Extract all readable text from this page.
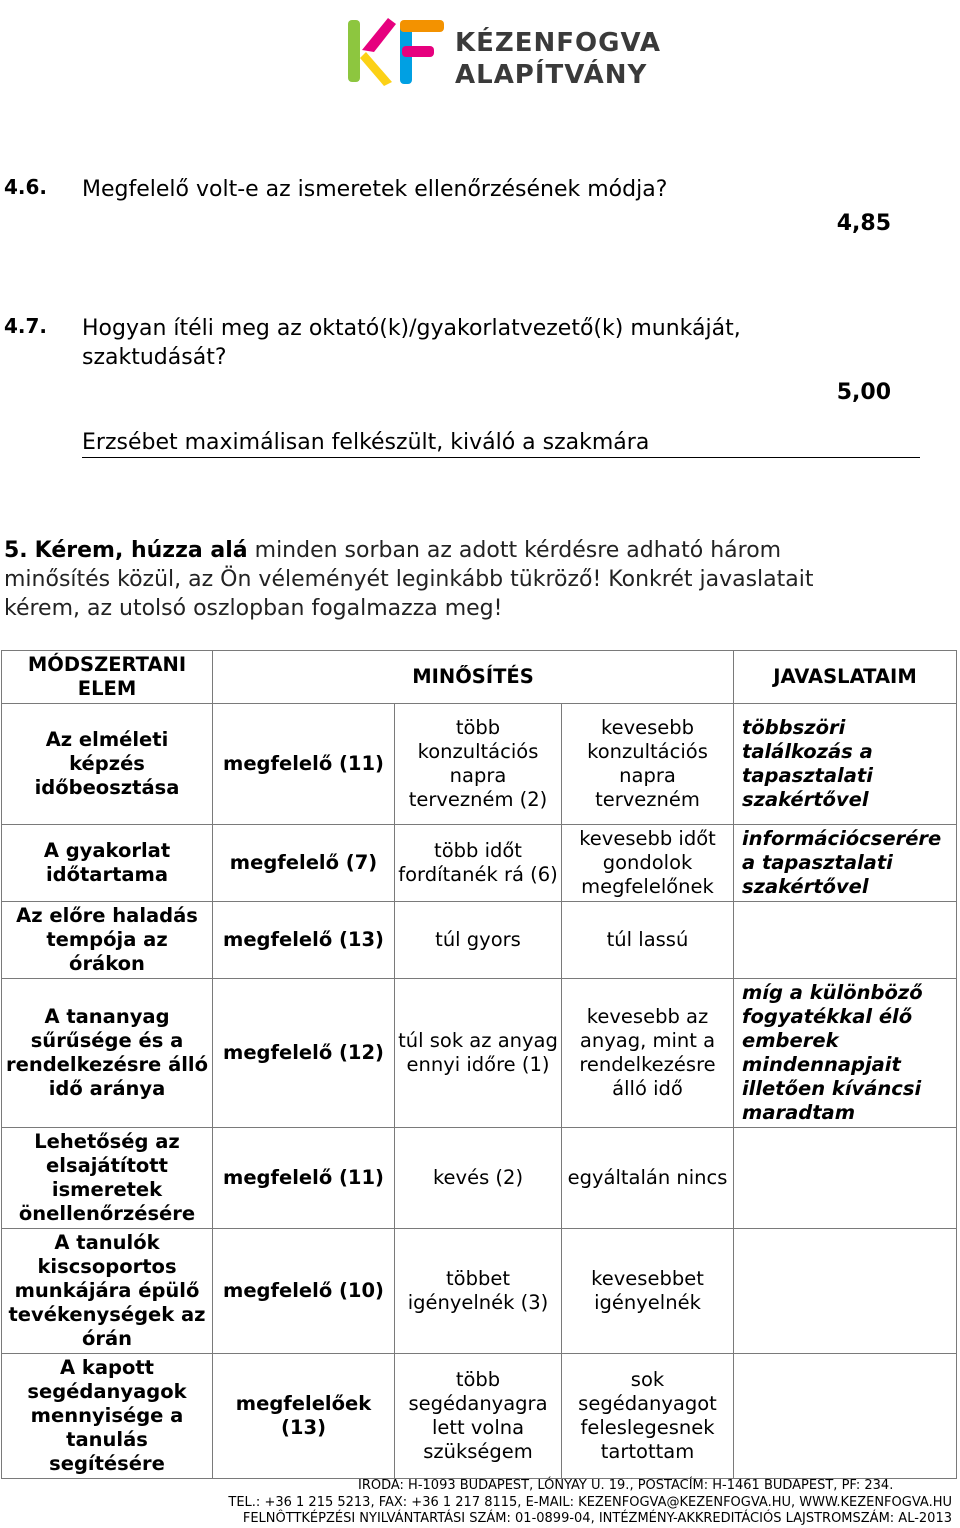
KÉZENFOGVA
ALAPÍTVÁNY
4.6. Megfelelő volt-e az ismeretek ellenőrzésének módja?
4,85
4.7. Hogyan ítéli meg az oktató(k)/gyakorlatvezető(k) munkáját,
szaktudását?
5,00
Erzsébet maximálisan felkészült, kiváló a szakmára
5. Kérem, húzza alá minden sorban az adott kérdésre adható három
minősítés közül, az Ön véleményét leginkább tükröző! Konkrét javaslatait
kérem, az utolsó oszlopban fogalmazza meg!
MÓDSZERTANI ELEM	MINŐSÍTÉS			JAVASLATAIM
Az elméleti képzés időbeosztása	megfelelő (11)	több konzultációs napra tervezném (2)	kevesebb konzultációs napra tervezném	többszöri találkozás a tapasztalati szakértővel
A gyakorlat időtartama	megfelelő (7)	több időt fordítanék rá (6)	kevesebb időt gondolok megfelelőnek	információcserére a tapasztalati szakértővel
Az előre haladás tempója az órákon	megfelelő (13)	túl gyors	túl lassú	
A tananyag sűrűsége és a rendelkezésre álló idő aránya	megfelelő (12)	túl sok az anyag ennyi időre (1)	kevesebb az anyag, mint a rendelkezésre álló idő	míg a különböző fogyatékkal élő emberek mindennapjait illetően kíváncsi maradtam
Lehetőség az elsajátított ismeretek önellenőrzésére	megfelelő (11)	kevés (2)	egyáltalán nincs	
A tanulók kiscsoportos munkájára épülő tevékenységek az órán	megfelelő (10)	többet igényelnék (3)	kevesebbet igényelnék	
A kapott segédanyagok mennyisége a tanulás segítésére	megfelelőek (13)	több segédanyagra lett volna szükségem	sok segédanyagot feleslegesnek tartottam	
IRODA: H-1093 BUDAPEST, LÓNYAY U. 19., POSTACÍM: H-1461 BUDAPEST, PF: 234.
TEL.: +36 1 215 5213, FAX: +36 1 217 8115, E-MAIL: KEZENFOGVA@KEZENFOGVA.HU, WWW.KEZENFOGVA.HU
FELNÔTTKÉPZÉSI NYILVÁNTARTÁSI SZÁM: 01-0899-04, INTÉZMÉNY-AKKREDITÁCIÓS LAJSTROMSZÁM: AL-2013
